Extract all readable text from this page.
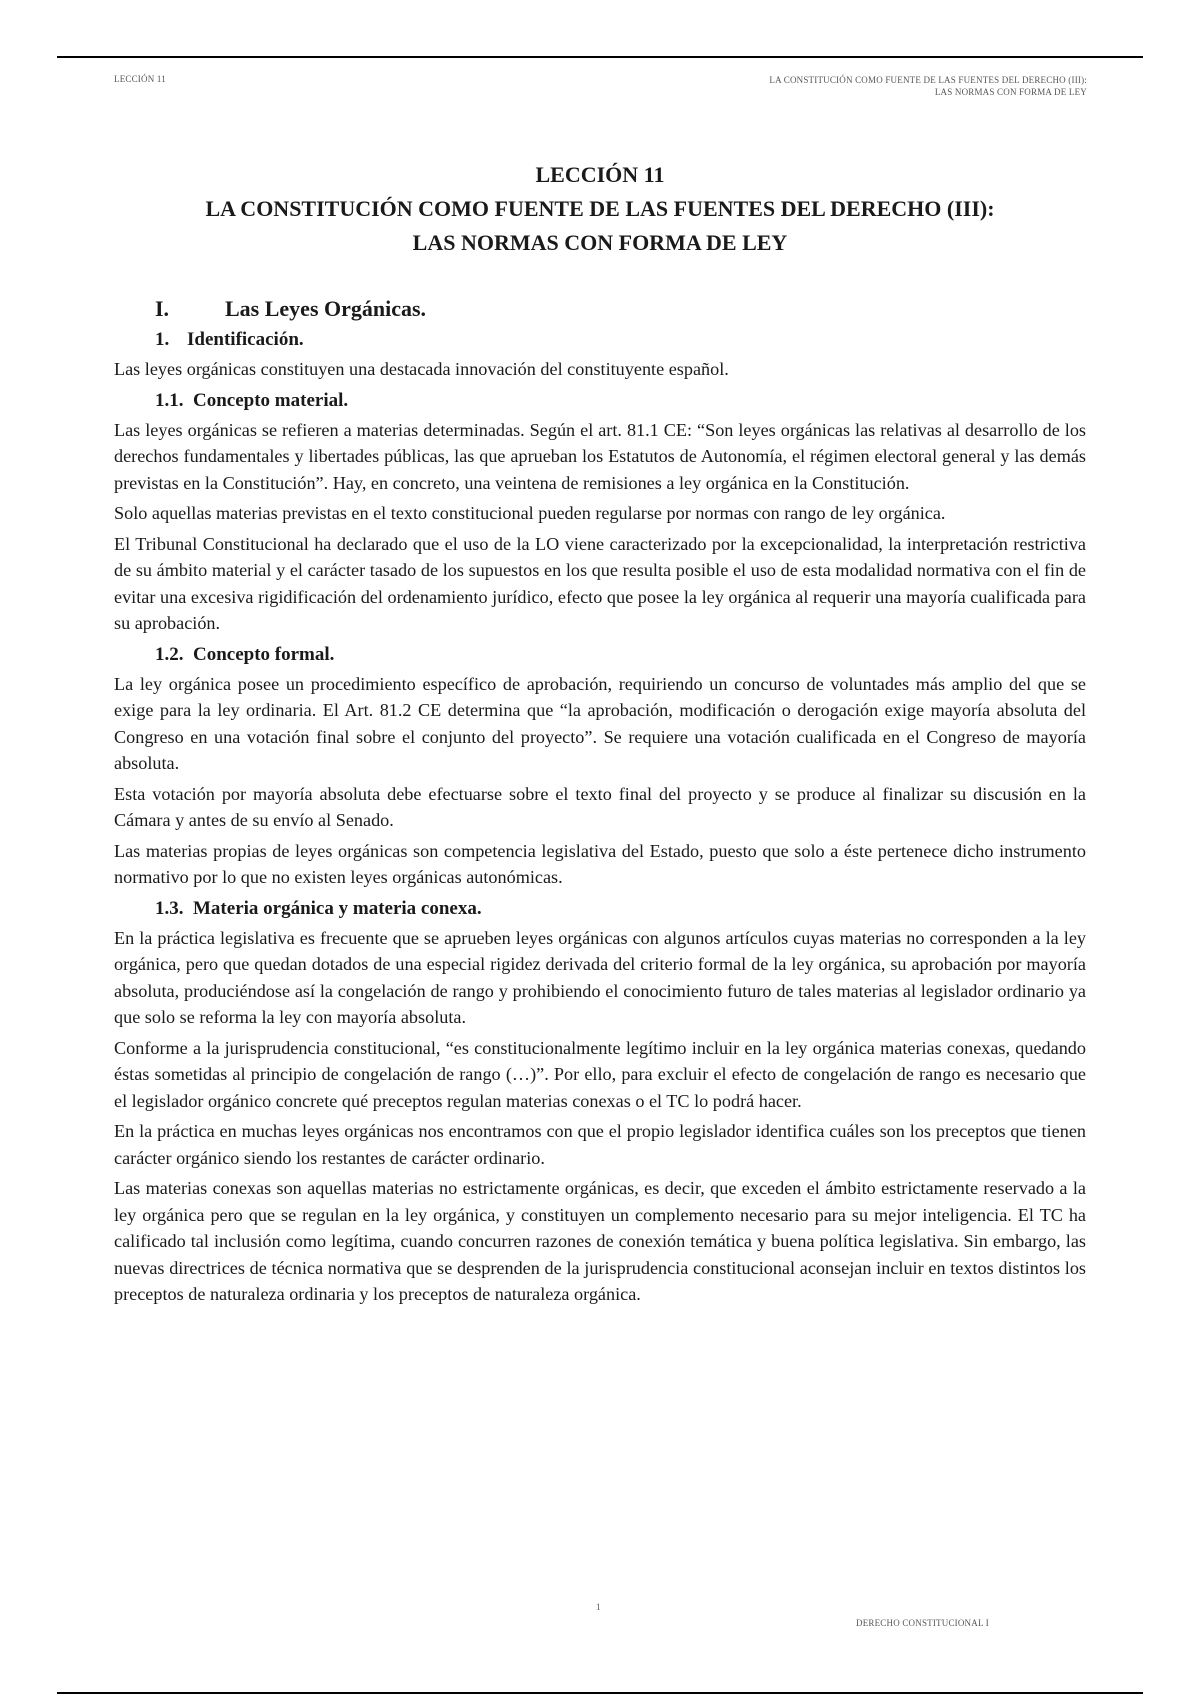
LECCIÓN 11	LA CONSTITUCIÓN COMO FUENTE DE LAS FUENTES DEL DERECHO (III):
LAS NORMAS CON FORMA DE LEY
LECCIÓN 11
LA CONSTITUCIÓN COMO FUENTE DE LAS FUENTES DEL DERECHO (III):
LAS NORMAS CON FORMA DE LEY
I.	Las Leyes Orgánicas.
1. Identificación.

Las leyes orgánicas constituyen una destacada innovación del constituyente español.

1.1. Concepto material.

Las leyes orgánicas se refieren a materias determinadas. Según el art. 81.1 CE: “Son leyes orgánicas las relativas al desarrollo de los derechos fundamentales y libertades públicas, las que aprueban los Estatutos de Autonomía, el régimen electoral general y las demás previstas en la Constitución”. Hay, en concreto, una veintena de remisiones a ley orgánica en la Constitución.

Solo aquellas materias previstas en el texto constitucional pueden regularse por normas con rango de ley orgánica.

El Tribunal Constitucional ha declarado que el uso de la LO viene caracterizado por la excepcionalidad, la interpretación restrictiva de su ámbito material y el carácter tasado de los supuestos en los que resulta posible el uso de esta modalidad normativa con el fin de evitar una excesiva rigidificación del ordenamiento jurídico, efecto que posee la ley orgánica al requerir una mayoría cualificada para su aprobación.

1.2. Concepto formal.

La ley orgánica posee un procedimiento específico de aprobación, requiriendo un concurso de voluntades más amplio del que se exige para la ley ordinaria. El Art. 81.2 CE determina que “la aprobación, modificación o derogación exige mayoría absoluta del Congreso en una votación final sobre el conjunto del proyecto”. Se requiere una votación cualificada en el Congreso de mayoría absoluta.

Esta votación por mayoría absoluta debe efectuarse sobre el texto final del proyecto y se produce al finalizar su discusión en la Cámara y antes de su envío al Senado.

Las materias propias de leyes orgánicas son competencia legislativa del Estado, puesto que solo a éste pertenece dicho instrumento normativo por lo que no existen leyes orgánicas autonómicas.

1.3. Materia orgánica y materia conexa.

En la práctica legislativa es frecuente que se aprueben leyes orgánicas con algunos artículos cuyas materias no corresponden a la ley orgánica, pero que quedan dotados de una especial rigidez derivada del criterio formal de la ley orgánica, su aprobación por mayoría absoluta, produciéndose así la congelación de rango y prohibiendo el conocimiento futuro de tales materias al legislador ordinario ya que solo se reforma la ley con mayoría absoluta.

Conforme a la jurisprudencia constitucional, “es constitucionalmente legítimo incluir en la ley orgánica materias conexas, quedando éstas sometidas al principio de congelación de rango (…)”. Por ello, para excluir el efecto de congelación de rango es necesario que el legislador orgánico concrete qué preceptos regulan materias conexas o el TC lo podrá hacer.

En la práctica en muchas leyes orgánicas nos encontramos con que el propio legislador identifica cuáles son los preceptos que tienen carácter orgánico siendo los restantes de carácter ordinario.

Las materias conexas son aquellas materias no estrictamente orgánicas, es decir, que exceden el ámbito estrictamente reservado a la ley orgánica pero que se regulan en la ley orgánica, y constituyen un complemento necesario para su mejor inteligencia. El TC ha calificado tal inclusión como legítima, cuando concurren razones de conexión temática y buena política legislativa. Sin embargo, las nuevas directrices de técnica normativa que se desprenden de la jurisprudencia constitucional aconsejan incluir en textos distintos los preceptos de naturaleza ordinaria y los preceptos de naturaleza orgánica.

1
DERECHO CONSTITUCIONAL I
